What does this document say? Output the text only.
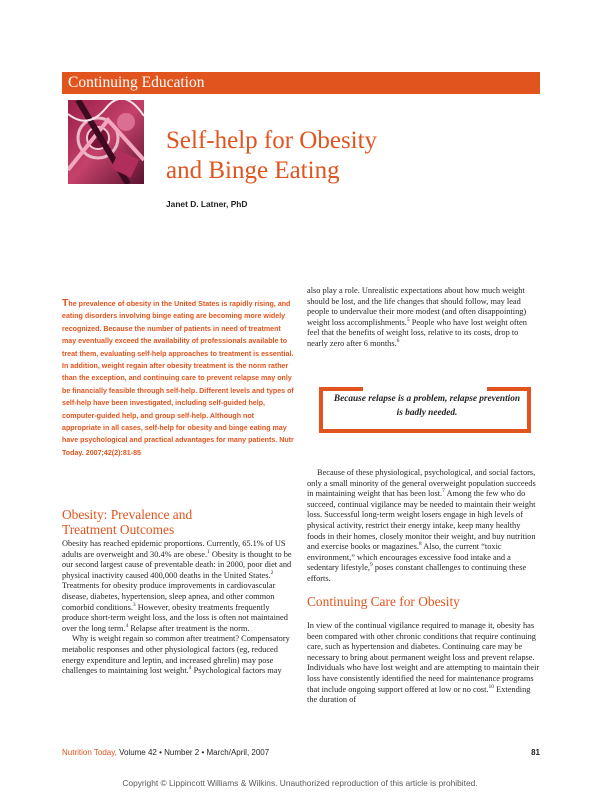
Continuing Education
Self-help for Obesity
and Binge Eating
Janet D. Latner, PhD
The prevalence of obesity in the United States is rapidly rising, and eating disorders involving binge eating are becoming more widely recognized. Because the number of patients in need of treatment may eventually exceed the availability of professionals available to treat them, evaluating self-help approaches to treatment is essential. In addition, weight regain after obesity treatment is the norm rather than the exception, and continuing care to prevent relapse may only be financially feasible through self-help. Different levels and types of self-help have been investigated, including self-guided help, computer-guided help, and group self-help. Although not appropriate in all cases, self-help for obesity and binge eating may have psychological and practical advantages for many patients. Nutr Today. 2007;42(2):81-85
Obesity: Prevalence and
Treatment Outcomes

Obesity has reached epidemic proportions. Currently, 65.1% of US adults are overweight and 30.4% are obese.$^1$ Obesity is thought to be our second largest cause of preventable death: in 2000, poor diet and physical inactivity caused 400,000 deaths in the United States.$^2$ Treatments for obesity produce improvements in cardiovascular disease, diabetes, hypertension, sleep apnea, and other common comorbid conditions.$^3$ However, obesity treatments frequently produce short-term weight loss, and the loss is often not maintained over the long term.$^4$ Relapse after treatment is the norm.

Why is weight regain so common after treatment? Compensatory metabolic responses and other physiological factors (eg, reduced energy expenditure and leptin, and increased ghrelin) may pose challenges to maintaining lost weight.$^4$ Psychological factors may

also play a role. Unrealistic expectations about how much weight should be lost, and the life changes that should follow, may lead people to undervalue their more modest (and often disappointing) weight loss accomplishments.$^5$ People who have lost weight often feel that the benefits of weight loss, relative to its costs, drop to nearly zero after 6 months.$^6$

Because relapse is a problem, relapse prevention is badly needed.

Because of these physiological, psychological, and social factors, only a small minority of the general overweight population succeeds in maintaining weight that has been lost.$^7$ Among the few who do succeed, continual vigilance may be needed to maintain their weight loss. Successful long-term weight losers engage in high levels of physical activity, restrict their energy intake, keep many healthy foods in their homes, closely monitor their weight, and buy nutrition and exercise books or magazines.$^8$ Also, the current “toxic environment,” which encourages excessive food intake and a sedentary lifestyle,$^9$ poses constant challenges to continuing these efforts.

Continuing Care for Obesity

In view of the continual vigilance required to manage it, obesity has been compared with other chronic conditions that require continuing care, such as hypertension and diabetes. Continuing care may be necessary to bring about permanent weight loss and prevent relapse. Individuals who have lost weight and are attempting to maintain their loss have consistently identified the need for maintenance programs that include ongoing support offered at low or no cost.$^{10}$ Extending the duration of

Nutrition Today, Volume 42 • Number 2 • March/April, 2007	81
Copyright © Lippincott Williams & Wilkins. Unauthorized reproduction of this article is prohibited.
